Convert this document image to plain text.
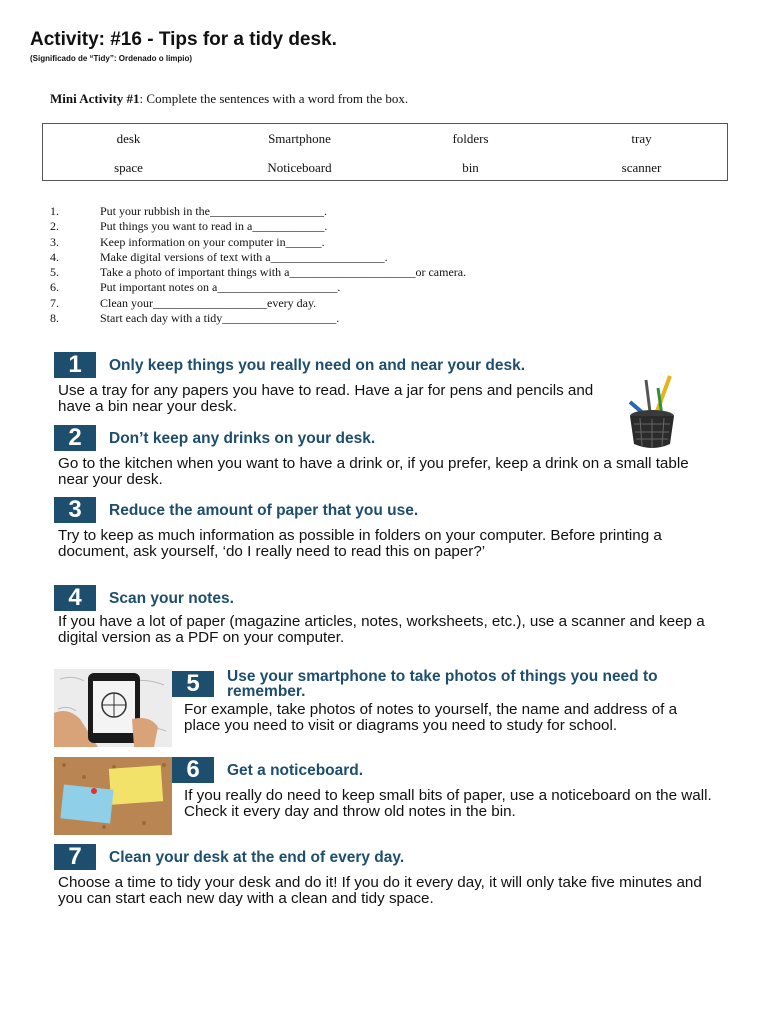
Activity: #16 - Tips for a tidy desk.
(Significado de “Tidy”: Ordenado o limpio)
Mini Activity #1: Complete the sentences with a word from the box.
desk	Smartphone	folders	tray
space	Noticeboard	bin	scanner
1.	Put your rubbish in the___________________.
2.	Put things you want to read in a____________.
3.	Keep information on your computer in______.
4.	Make digital versions of text with a___________________.
5.	Take a photo of important things with a_____________________or camera.
6.	Put important notes on a____________________.
7.	Clean your___________________every day.
8.	Start each day with a tidy___________________.
1	Only keep things you really need on and near your desk.
Use a tray for any papers you have to read. Have a jar for pens and pencils and have a bin near your desk.
2	Don’t keep any drinks on your desk.
Go to the kitchen when you want to have a drink or, if you prefer, keep a drink on a small table near your desk.
3	Reduce the amount of paper that you use.
Try to keep as much information as possible in folders on your computer. Before printing a document, ask yourself, ‘do I really need to read this on paper?’
4	Scan your notes.
If you have a lot of paper (magazine articles, notes, worksheets, etc.), use a scanner and keep a digital version as a PDF on your computer.
5	Use your smartphone to take photos of things you need to remember.
For example, take photos of notes to yourself, the name and address of a place you need to visit or diagrams you need to study for school.
6	Get a noticeboard.
If you really do need to keep small bits of paper, use a noticeboard on the wall. Check it every day and throw old notes in the bin.
7	Clean your desk at the end of every day.
Choose a time to tidy your desk and do it! If you do it every day, it will only take five minutes and you can start each new day with a clean and tidy space.
